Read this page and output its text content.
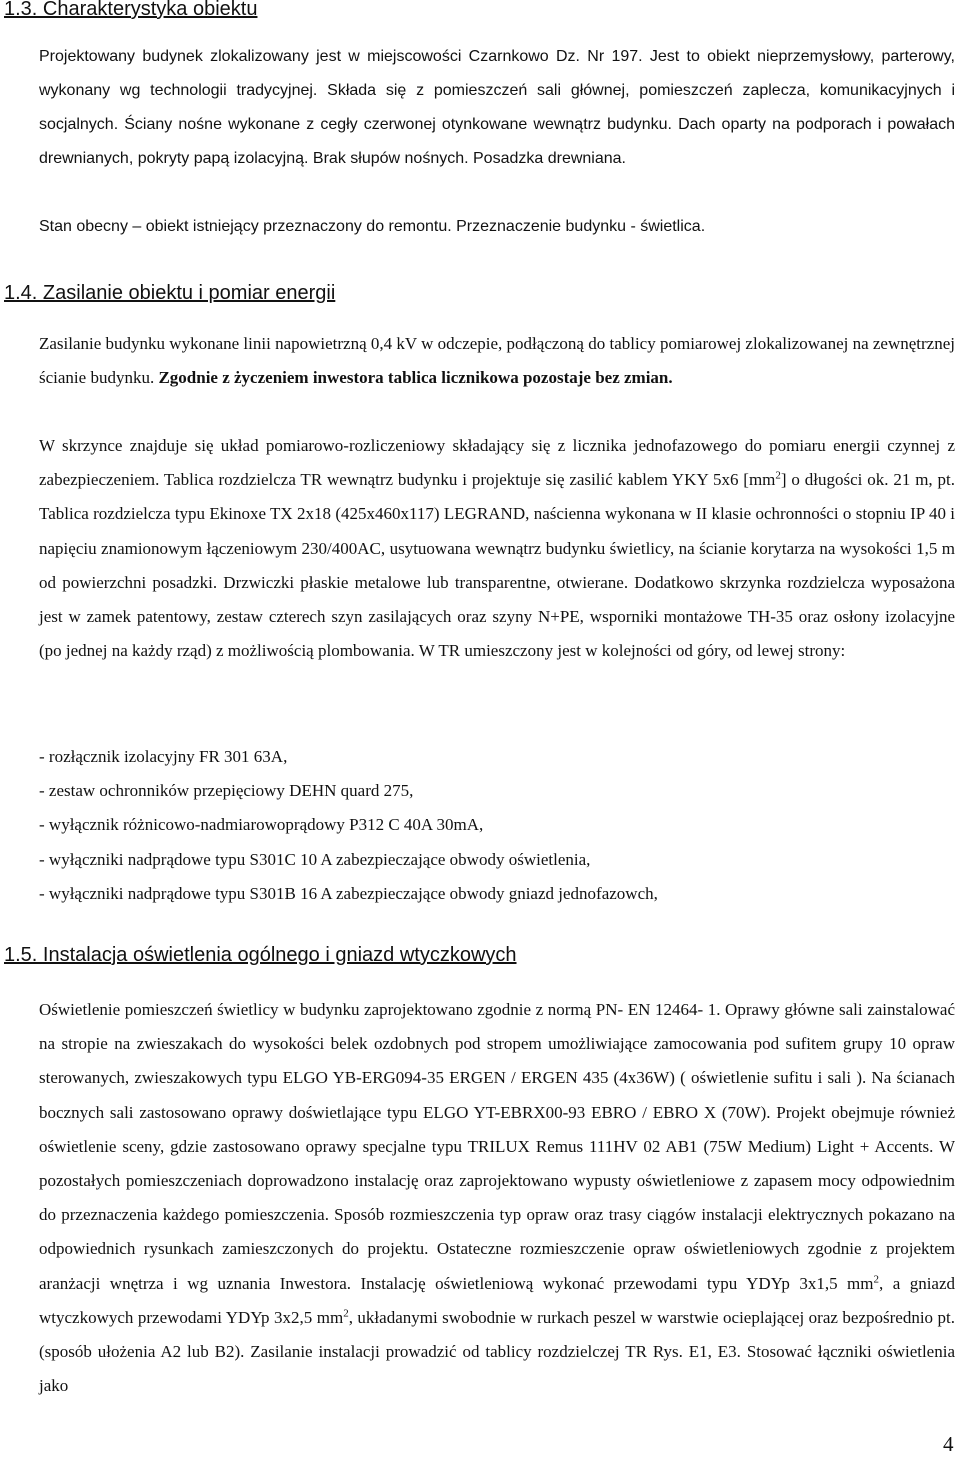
1.3. Charakterystyka obiektu

Projektowany budynek zlokalizowany jest w miejscowości Czarnkowo Dz. Nr 197. Jest to obiekt nieprzemysłowy, parterowy, wykonany wg technologii tradycyjnej. Składa się z pomieszczeń sali głównej, pomieszczeń zaplecza, komunikacyjnych i socjalnych. Ściany nośne wykonane z cegły czerwonej otynkowane wewnątrz budynku. Dach oparty na podporach i powałach drewnianych, pokryty papą izolacyjną. Brak słupów nośnych. Posadzka drewniana.

Stan obecny – obiekt istniejący przeznaczony do remontu. Przeznaczenie budynku - świetlica.

1.4. Zasilanie obiektu i pomiar energii

Zasilanie budynku wykonane linii napowietrzną 0,4 kV w odczepie, podłączoną do tablicy pomiarowej zlokalizowanej na zewnętrznej ścianie budynku. Zgodnie z życzeniem inwestora tablica licznikowa pozostaje bez zmian.

W skrzynce znajduje się układ pomiarowo-rozliczeniowy składający się z licznika jednofazowego do pomiaru energii czynnej z zabezpieczeniem. Tablica rozdzielcza TR wewnątrz budynku i projektuje się zasilić kablem YKY 5x6 $[mm^2]$ o długości ok. 21 m, pt. Tablica rozdzielcza typu Ekinoxe TX 2x18 (425x460x117) LEGRAND, naścienna wykonana w II klasie ochronności o stopniu IP 40 i napięciu znamionowym łączeniowym 230/400AC, usytuowana wewnątrz budynku świetlicy, na ścianie korytarza na wysokości 1,5 m od powierzchni posadzki. Drzwiczki płaskie metalowe lub transparentne, otwierane. Dodatkowo skrzynka rozdzielcza wyposażona jest w zamek patentowy, zestaw czterech szyn zasilających oraz szyny N+PE, wsporniki montażowe TH-35 oraz osłony izolacyjne (po jednej na każdy rząd) z możliwością plombowania. W TR umieszczony jest w kolejności od góry, od lewej strony:

- rozłącznik izolacyjny FR 301 63A,
- zestaw ochronników przepięciowy DEHN quard 275,
- wyłącznik różnicowo-nadmiarowoprądowy P312 C 40A 30mA,
- wyłączniki nadprądowe typu S301C 10 A zabezpieczające obwody oświetlenia,
- wyłączniki nadprądowe typu S301B 16 A zabezpieczające obwody gniazd jednofazowch,
1.5. Instalacja oświetlenia ogólnego i gniazd wtyczkowych

Oświetlenie pomieszczeń świetlicy w budynku zaprojektowano zgodnie z normą PN- EN 12464- 1. Oprawy główne sali zainstalować na stropie na zwieszakach do wysokości belek ozdobnych pod stropem umożliwiające zamocowania pod sufitem grupy 10 opraw sterowanych, zwieszakowych typu ELGO YB-ERG094-35 ERGEN / ERGEN 435 (4x36W) ( oświetlenie sufitu i sali ). Na ścianach bocznych sali zastosowano oprawy doświetlające typu ELGO YT-EBRX00-93 EBRO / EBRO X (70W). Projekt obejmuje również oświetlenie sceny, gdzie zastosowano oprawy specjalne typu TRILUX Remus 111HV 02 AB1 (75W Medium) Light + Accents. W pozostałych pomieszczeniach doprowadzono instalację oraz zaprojektowano wypusty oświetleniowe z zapasem mocy odpowiednim do przeznaczenia każdego pomieszczenia. Sposób rozmieszczenia typ opraw oraz trasy ciągów instalacji elektrycznych pokazano na odpowiednich rysunkach zamieszczonych do projektu. Ostateczne rozmieszczenie opraw oświetleniowych zgodnie z projektem aranżacji wnętrza i wg uznania Inwestora. Instalację oświetleniową wykonać przewodami typu YDYp 3x1,5 $mm^2$, a gniazd wtyczkowych przewodami YDYp 3x2,5 $mm^2$, układanymi swobodnie w rurkach peszel w warstwie ocieplającej oraz bezpośrednio pt. (sposób ułożenia A2 lub B2). Zasilanie instalacji prowadzić od tablicy rozdzielczej TR Rys. E1, E3. Stosować łączniki oświetlenia jako

4
